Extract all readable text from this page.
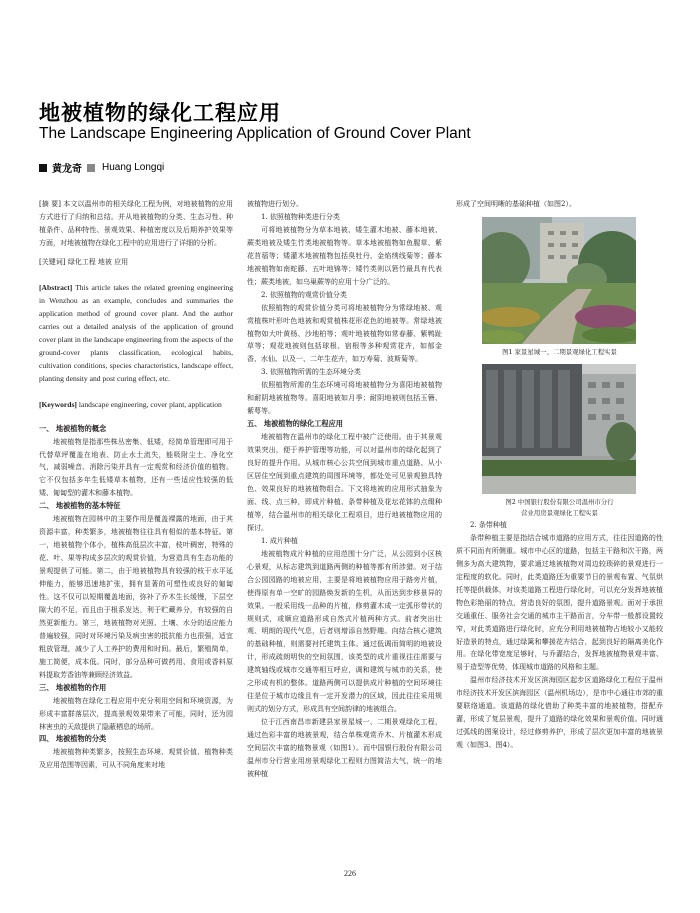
地被植物的绿化工程应用
The Landscape Engineering Application of Ground Cover Plant
黄龙奇 Huang Longqi
[摘 要] 本文以温州市的相关绿化工程为例，对地被植物的应用方式进行了归纳和总结。并从地被植物的分类、生态习性、种植条件、品种特性、景观效果、种植密度以及后期养护效果等方面，对地被植物在绿化工程中的应用进行了详细的分析。
[关键词] 绿化工程 地被 应用
[Abstract] This article takes the related greening engineering in Wenzhou as an example, concludes and summaries the application method of ground cover plant. And the author carries out a detailed analysis of the application of ground cover plant in the landscape engineering from the aspects of the ground-cover plants classification, ecological habits, cultivation conditions, species characteristics, landscape effect, planting density and post curing effect, etc.
[Keywords] landscape engineering, cover plant, application
一、 地被植物的概念
地被植物是指那些株丛密集、低矮，经简单管理即可用于代替草坪覆盖在地表、防止水土流失，能吸附尘土、净化空气，减弱噪音、消除污染并具有一定观赏和经济价值的植物。它不仅包括多年生低矮草本植物，还有一些适应性较强的低矮、匍匐型的灌木和藤本植物。
二、 地被植物的基本特征
地被植物在园林中的主要作用是覆盖裸露的地面，由于其资源丰富，种类繁多，地被植物往往具有相似的基本特征。第一，地被植物个体小，植株高低层次丰富，枝叶稠密，特殊的花、叶、果等构成多层次的观赏价值，为营造具有生态功能的景观提供了可能。第二，由于地被植物具有较强的枝干水平延伸能力，能够迅速地扩张，拥有显著的可塑性或良好的匍匐性。这不仅可以短期覆盖地面，弥补了乔木生长缓慢，下层空隙大的不足，而且由于根系发达，利于贮藏养分，有较强的自然更新能力。第三，地被植物对光照、土壤、水分的适应能力普遍较强，同时对环境污染及病虫害的抵抗能力也很强，适宜粗放管理，减少了人工养护的费用和时间。最后，繁殖简单，施工简便，成本低。同时，部分品种可做药用、食用或香料原料提取芳香油等兼顾经济效益。
三、 地被植物的作用
地被植物在绿化工程应用中充分利用空间和环境资源，为形成丰富群落层次，提高景观效果带来了可能，同时，还为园林害虫的天敌提供了隐蔽栖息的场所。
四、 地被植物的分类
地被植物种类繁多，按照生态环境、观赏价值、植物种类及应用范围等因素，可从不同角度来对地
被植物进行划分。
1. 依照植物种类进行分类
可将地被植物分为草本地被、矮生灌木地被、藤本地被、蕨类地被及矮生竹类地被植物等。草本地被植物如鱼腥草、紫花苜蓿等；矮灌木地被植物包括臭牡丹、金焰绣线菊等；藤本地被植物如南蛇藤、五叶地锦等；矮竹类则以箬竹最具有代表性；蕨类地被，如乌巢蕨等的应用十分广泛的。
2. 依照植物的观赏价值分类
依照植物的观赏价值分类可将地被植物分为常绿地被、观赏植株叶形叶色地被和观赏植株花形花色的地被等。常绿地被植物如大叶黄杨、沙地柏等；观叶地被植物如常春藤、紫鸭趾草等；观花地被则包括球根、宿根等多种观赏花卉，如郁金香、水仙、以及一、二年生花卉，如万寿菊、波斯菊等。
3. 依照植物所需的生态环境分类
依照植物所需的生态环境可将地被植物分为喜阳地被植物和耐阴地被植物等。喜阳地被如月季；耐阴地被则包括玉簪、紫萼等。
五、 地被植物的绿化工程应用
地被植物在温州市的绿化工程中被广泛使用。由于其景观效果突出，便于养护管理等功能，可以对温州市的绿化起到了良好的提升作用。从城市核心公共空间到城市重点道路、从小区居住空间到重点建筑的周围环境等，都处处可见景观独具特色、效果良好的地被植物组合。下文将地被的应用形式抽象为面、线、点三种，即成片种植、条带种植及花坛花钵的点缀种植等，结合温州市的相关绿化工程项目，进行地被植物应用的探讨。
1. 成片种植
地被植物成片种植的应用范围十分广泛，从公园到小区核心景观，从标志建筑到道路两侧的种植等都有所涉猎。对于结合公园园路的地被应用，主要是将地被植物应用于路旁片植，使得原有单一空旷的园路焕发新的生机，从而达到步移景异的效果。一般采用线一品种的片植，修剪灌木成一定弧形带状的规则式，或顺应道路形成自然式片植两种方式。前者突出壮观、明朗的现代气息，后者则增添自然野趣。向结合核心建筑的基础种植，则需要衬托建筑主体。通过低调而简明的地被设计，形成疏朗明快的空间氛围，该类型的成片重视往往需要与建筑轴线或城市交通等相互呼应，调和建筑与城市的关系，使之形成有机的整体。道路两侧可以提供成片种植的空间环境往往是位于城市边缘且有一定开发潜力的区域，因此往往采用规则式的划分方式，形成具有空间韵律的地被组合。
位于江西南昌市新建县家景星城一、二期景观绿化工程，通过色彩丰富的地被景观，结合单株观赏乔木、片植灌木形成空间层次丰富的植物景观（如图1）。而中国银行股份有限公司温州市分行营业用房景观绿化工程则力图简洁大气，统一的地被种植
形成了空间明晰的基础种植（如图2）。
图1 家景星城一、二期景观绿化工程实景
图2 中国银行股份有限公司温州市分行
营业用房景观绿化工程实景
2. 条带种植
条带种植主要是指结合城市道路的应用方式，往往因道路的性质不同而有所侧重。城市中心区的道路，包括主干路和次干路，两侧多为高大建筑物，要求通过地被植物对周边较琐碎的景观进行一定程度的软化。同时，此类道路还为重要节日的景观布置、气氛烘托等提供载体，对该类道路工程进行绿化时，可以充分发挥地被植物色彩艳丽的特点，营造良好的氛围，提升道路景观。面对于承担交通重任、服务社会交通的城市主干路而言，分车带一般都设置较窄，对此类道路进行绿化时，应充分利用地被植物占地较小又能较好造景的特点，通过绿篱和攀援花卉结合，起到良好的隔离美化作用。在绿化带宽度足够时，与乔灌结合，发挥地被植物景观丰富、易于造型等优势，体现城市道路的风格和主题。
温州市经济技术开发区滨海园区起步区道路绿化工程位于温州市经济技术开发区滨海园区（温州机场边），是市中心通往市郊的重要联络通道。该道路的绿化借助了种类丰富的地被植物，搭配乔灌，形成了复层景观，提升了道路的绿化效果和景观价值。同时通过弧线的图案设计，经过修剪养护，形成了层次更加丰富的地被景观（如图3、图4）。
226
